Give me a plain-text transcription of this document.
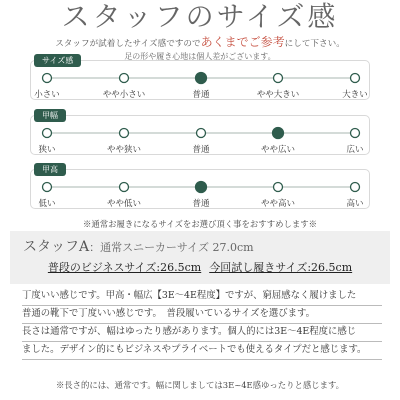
スタッフのサイズ感
スタッフが試着したサイズ感ですのであくまでご参考にして下さい。
足の形や履き心地は個人差がございます。
サイズ感
小さい	やや小さい	普通	やや大きい	大きい
甲幅
狭い	やや狭い	普通	やや広い	広い
甲高
低い	やや低い	普通	やや高い	高い
※通常お履きになるサイズをお選び頂く事をおすすめします※
スタッフA：通常スニーカーサイズ 27.0cm
普段のビジネスサイズ:26.5cm 今回試し履きサイズ:26.5cm

丁度いい感じです。甲高・幅広【3E～4E程度】ですが、窮屈感なく履けました

普通の靴下で丁度いい感じです。　普段履いているサイズを選びます。

長さは通常ですが、幅はゆったり感があります。個人的には3E～4E程度に感じ

ました。デザイン的にもビジネスやプライベートでも使えるタイプだと感じます。

※長さ的には、通常です。幅に関しましては3E~4E感ゆったりと感じます。
